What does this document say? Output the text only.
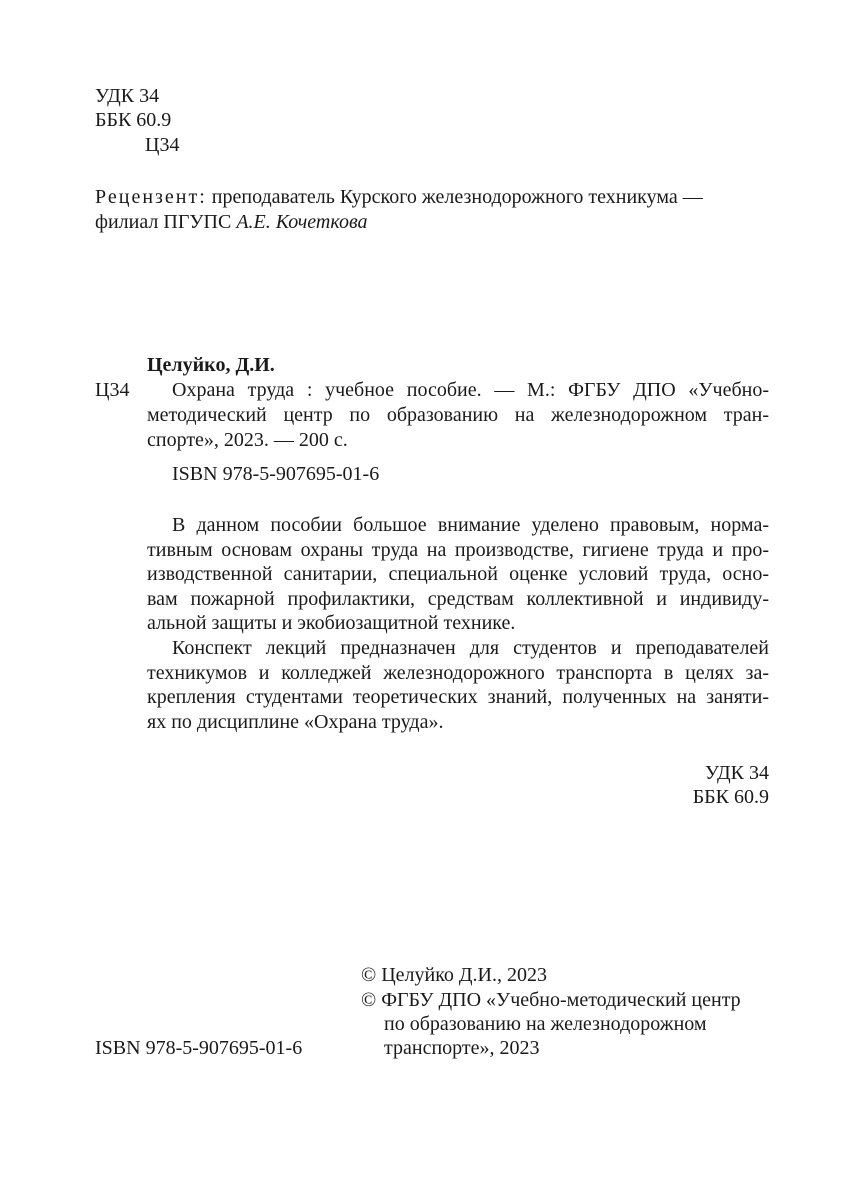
УДК 34
ББК 60.9
Ц34
Рецензент: преподаватель Курского железнодорожного техникума —
филиал ПГУПС А.Е. Кочеткова
Целуйко, Д.И.
Ц34 Охрана труда : учебное пособие. — М.: ФГБУ ДПО «Учебно-
методический центр по образованию на железнодорожном тран-
спорте», 2023. — 200 с.
ISBN 978-5-907695-01-6
В данном пособии большое внимание уделено правовым, норма-
тивным основам охраны труда на производстве, гигиене труда и про-
изводственной санитарии, специальной оценке условий труда, осно-
вам пожарной профилактики, средствам коллективной и индивиду-
альной защиты и экобиозащитной технике.
Конспект лекций предназначен для студентов и преподавателей
техникумов и колледжей железнодорожного транспорта в целях за-
крепления студентами теоретических знаний, полученных на заняти-
ях по дисциплине «Охрана труда».
УДК 34
ББК 60.9
© Целуйко Д.И., 2023
© ФГБУ ДПО «Учебно-методический центр
по образованию на железнодорожном
транспорте», 2023
ISBN 978-5-907695-01-6
